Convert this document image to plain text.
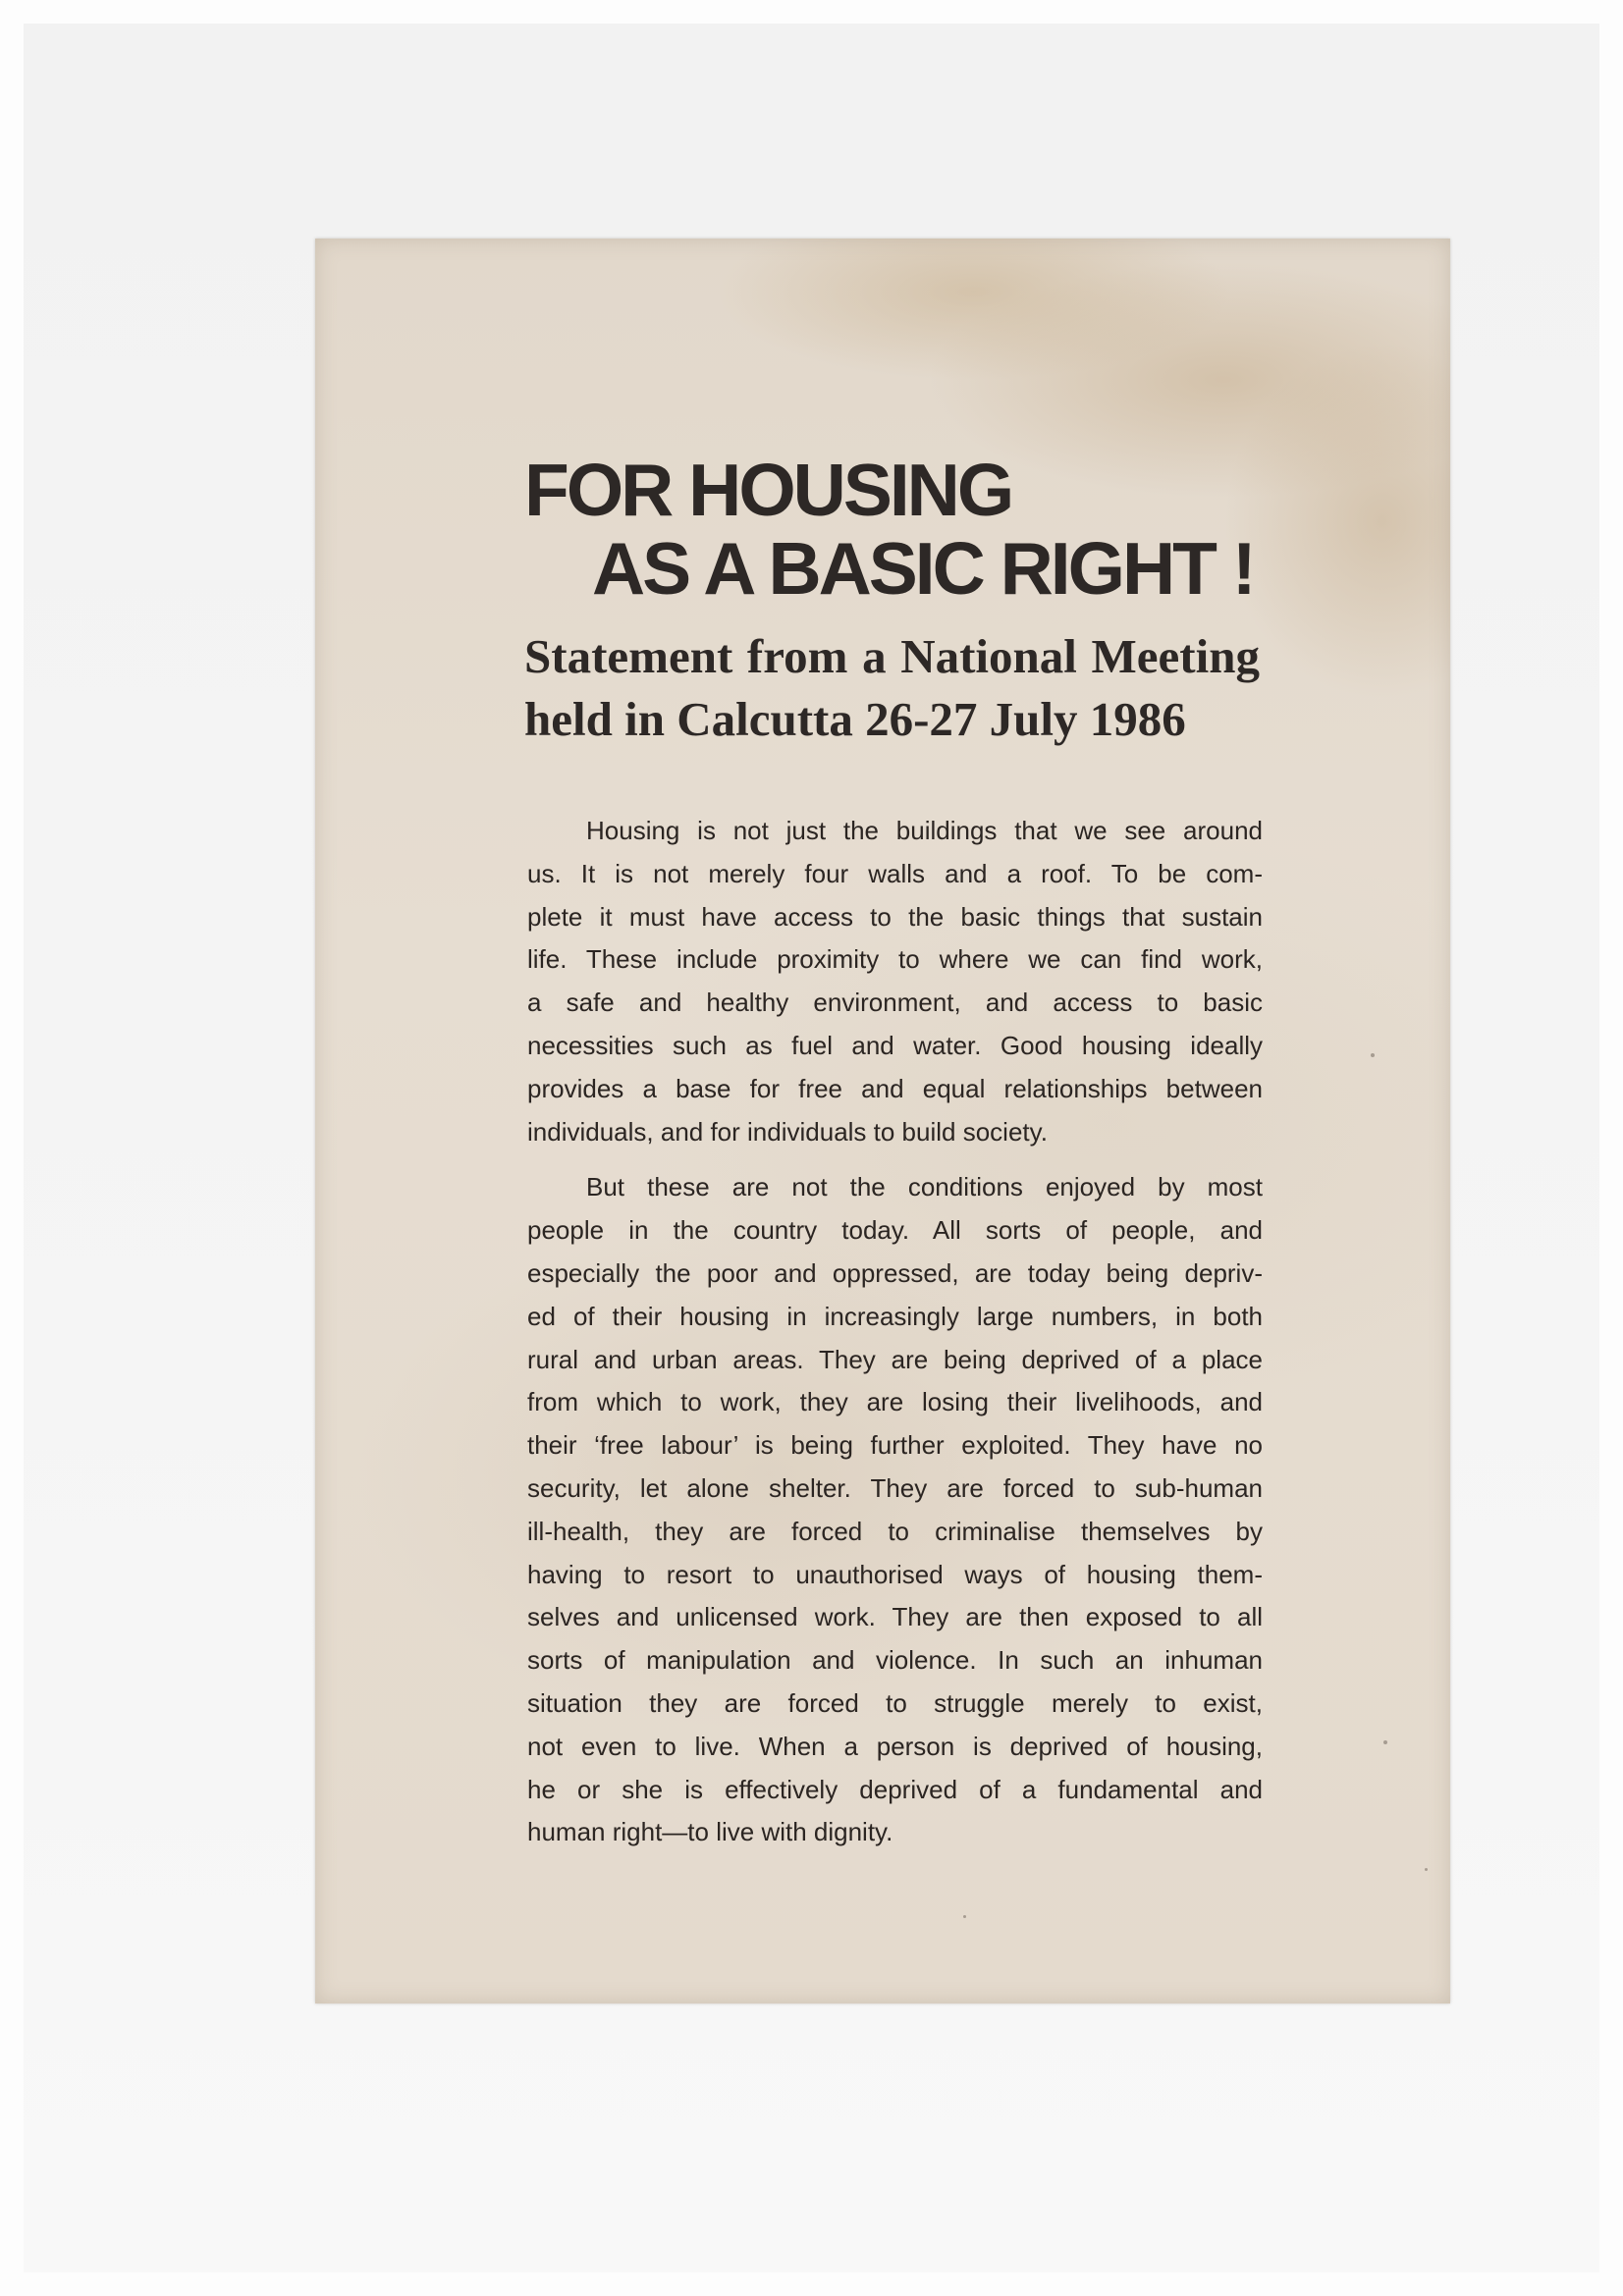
FOR HOUSING
AS A BASIC RIGHT !
Statement from a National Meeting
held in Calcutta 26-27 July 1986
Housing is not just the buildings that we see around
us. It is not merely four walls and a roof. To be com-
plete it must have access to the basic things that sustain
life. These include proximity to where we can find work,
a safe and healthy environment, and access to basic
necessities such as fuel and water. Good housing ideally
provides a base for free and equal relationships between
individuals, and for individuals to build society.
But these are not the conditions enjoyed by most
people in the country today. All sorts of people, and
especially the poor and oppressed, are today being depriv-
ed of their housing in increasingly large numbers, in both
rural and urban areas. They are being deprived of a place
from which to work, they are losing their livelihoods, and
their ‘free labour’ is being further exploited. They have no
security, let alone shelter. They are forced to sub-human
ill-health, they are forced to criminalise themselves by
having to resort to unauthorised ways of housing them-
selves and unlicensed work. They are then exposed to all
sorts of manipulation and violence. In such an inhuman
situation they are forced to struggle merely to exist,
not even to live. When a person is deprived of housing,
he or she is effectively deprived of a fundamental and
human right—to live with dignity.
